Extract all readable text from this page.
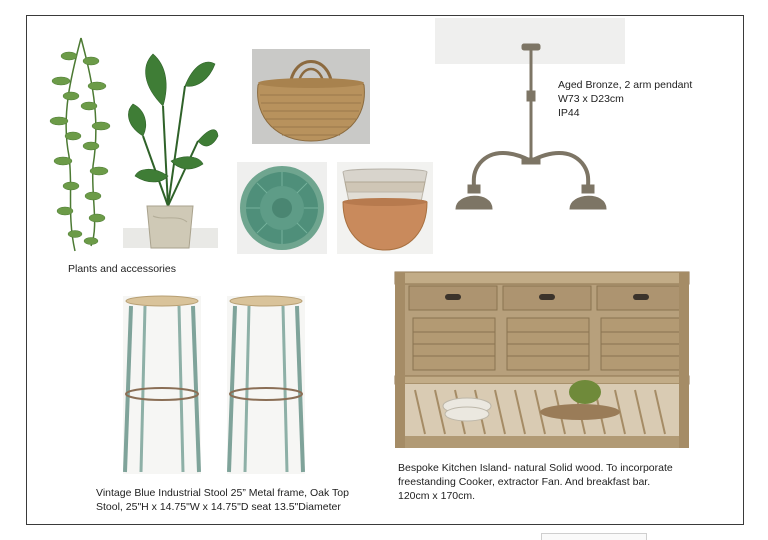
Aged Bronze, 2 arm pendant
W73 x D23cm
IP44
Plants and accessories
Vintage Blue Industrial Stool 25” Metal frame, Oak Top
Stool, 25"H x 14.75"W x 14.75"D seat 13.5"Diameter
Bespoke Kitchen Island- natural Solid wood. To incorporate
freestanding Cooker, extractor Fan. And breakfast bar.
120cm x 170cm.
